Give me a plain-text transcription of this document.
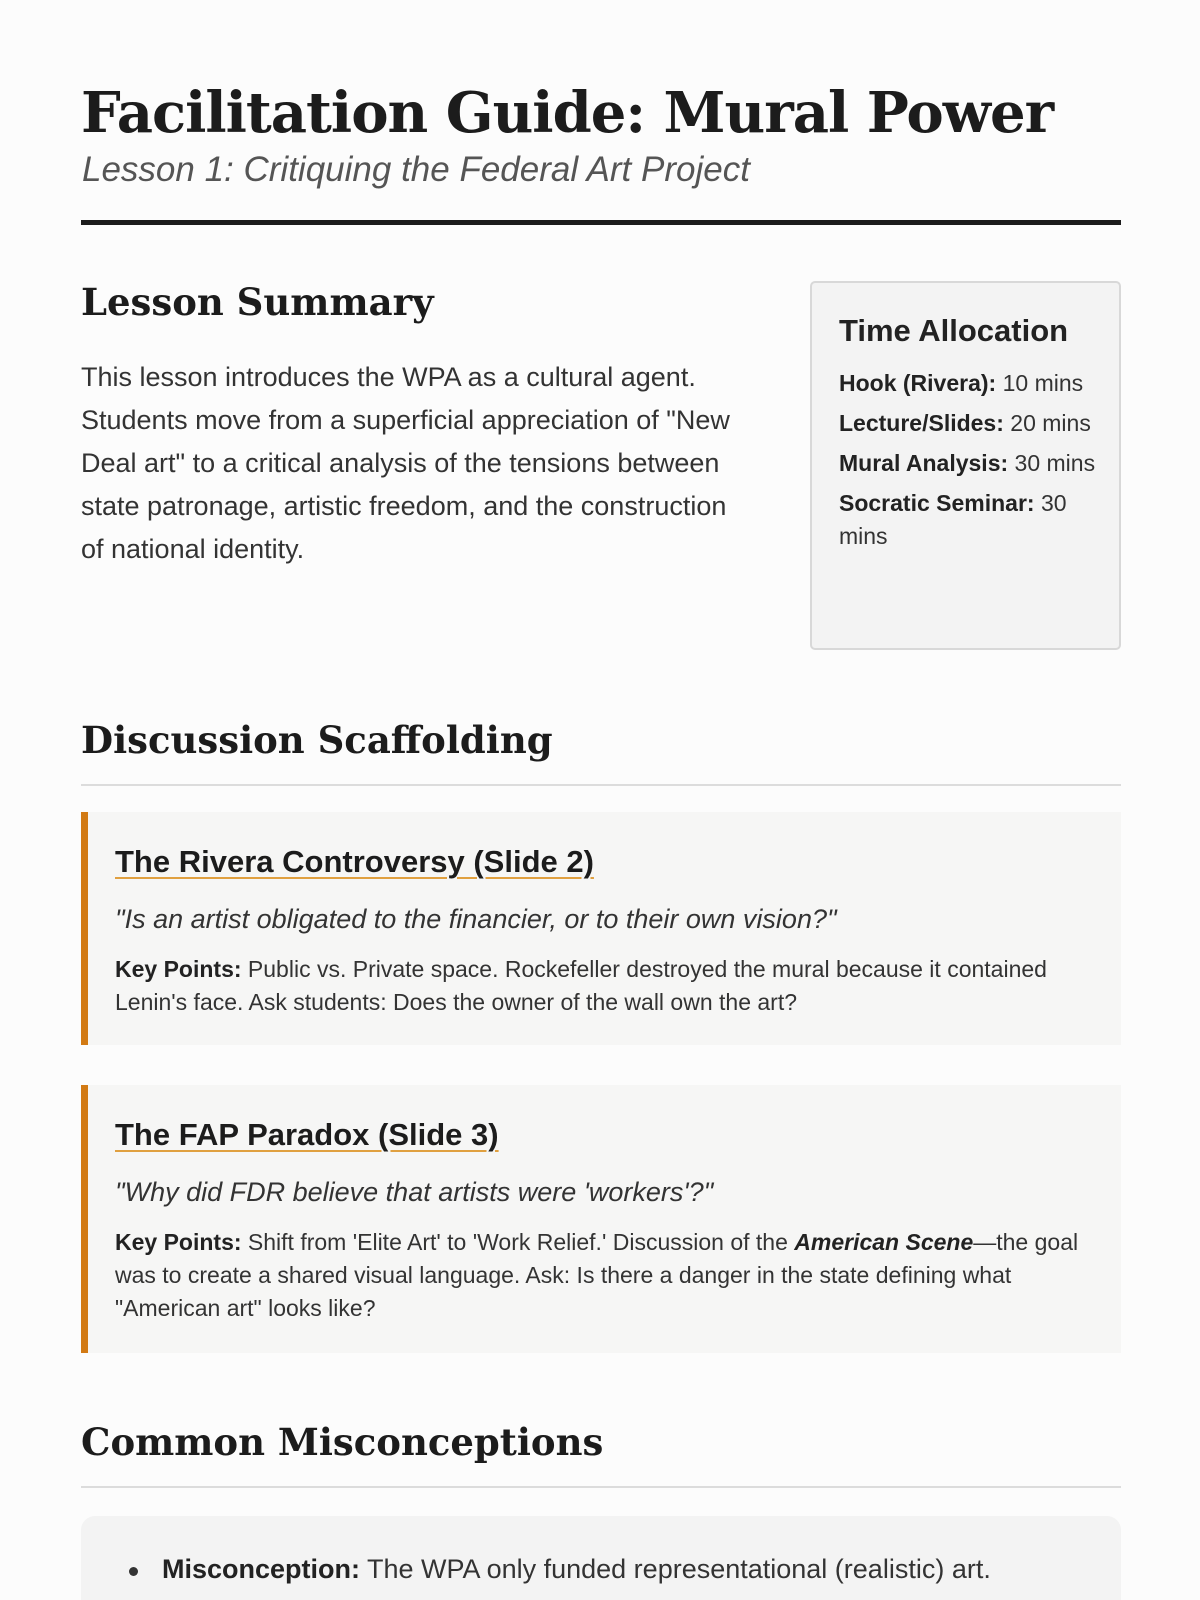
Facilitation Guide: Mural Power
Lesson 1: Critiquing the Federal Art Project
Lesson Summary

This lesson introduces the WPA as a cultural agent. Students move from a superficial appreciation of "New Deal art" to a critical analysis of the tensions between state patronage, artistic freedom, and the construction of national identity.

Time Allocation
Hook (Rivera): 10 mins
Lecture/Slides: 20 mins
Mural Analysis: 30 mins
Socratic Seminar: 30 mins
Discussion Scaffolding
The Rivera Controversy (Slide 2)

"Is an artist obligated to the financier, or to their own vision?"

Key Points: Public vs. Private space. Rockefeller destroyed the mural because it contained Lenin's face. Ask students: Does the owner of the wall own the art?

The FAP Paradox (Slide 3)

"Why did FDR believe that artists were 'workers'?"

Key Points: Shift from 'Elite Art' to 'Work Relief.' Discussion of the American Scene—the goal was to create a shared visual language. Ask: Is there a danger in the state defining what "American art" looks like?

Common Misconceptions
Misconception: The WPA only funded representational (realistic) art.
